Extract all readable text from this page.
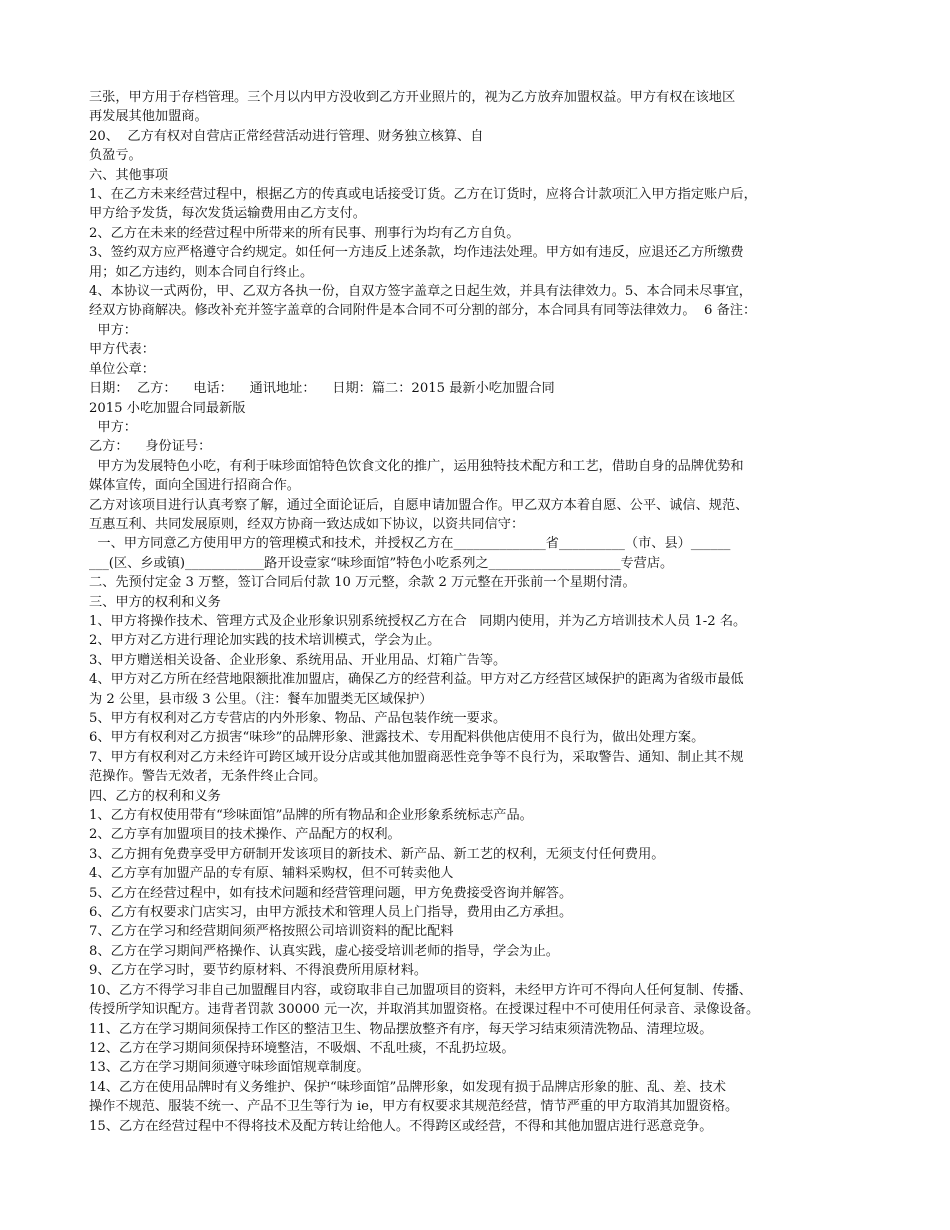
三张，甲方用于存档管理。三个月以内甲方没收到乙方开业照片的，视为乙方放弃加盟权益。甲方有权在该地区
再发展其他加盟商。
20、  乙方有权对自营店正常经营活动进行管理、财务独立核算、自
负盈亏。
六、其他事项
1、在乙方未来经营过程中，根据乙方的传真或电话接受订货。乙方在订货时，应将合计款项汇入甲方指定账户后，
甲方给予发货，每次发货运输费用由乙方支付。
2、乙方在未来的经营过程中所带来的所有民事、刑事行为均有乙方自负。
3、签约双方应严格遵守合约规定。如任何一方违反上述条款，均作违法处理。甲方如有违反，应退还乙方所缴费
用；如乙方违约，则本合同自行终止。
4、本协议一式两份，甲、乙双方各执一份，自双方签字盖章之日起生效，并具有法律效力。5、本合同未尽事宜，
经双方协商解决。修改补充并签字盖章的合同附件是本合同不可分割的部分，本合同具有同等法律效力。  6 备注：
甲方：
甲方代表：
单位公章：
日期：  乙方：    电话：    通讯地址：    日期：篇二：2015 最新小吃加盟合同
2015 小吃加盟合同最新版
甲方：
乙方：    身份证号：
甲方为发展特色小吃，有利于味珍面馆特色饮食文化的推广，运用独特技术配方和工艺，借助自身的品牌优势和
媒体宣传，面向全国进行招商合作。
乙方对该项目进行认真考察了解，通过全面论证后，自愿申请加盟合作。甲乙双方本着自愿、公平、诚信、规范、
互惠互利、共同发展原则，经双方协商一致达成如下协议，以资共同信守：
一、甲方同意乙方使用甲方的管理模式和技术，并授权乙方在______________省__________（市、县）______
___(区、乡或镇)____________路开设壹家“味珍面馆”特色小吃系列之____________________专营店。
二、先预付定金 3 万整，签订合同后付款 10 万元整，余款 2 万元整在开张前一个星期付清。
三、甲方的权利和义务
1、甲方将操作技术、管理方式及企业形象识别系统授权乙方在合   同期内使用，并为乙方培训技术人员 1-2 名。
2、甲方对乙方进行理论加实践的技术培训模式，学会为止。
3、甲方赠送相关设备、企业形象、系统用品、开业用品、灯箱广告等。
4、甲方对乙方所在经营地限额批准加盟店，确保乙方的经营利益。甲方对乙方经营区域保护的距离为省级市最低
为 2 公里，县市级 3 公里。（注：餐车加盟类无区域保护）
5、甲方有权利对乙方专营店的内外形象、物品、产品包装作统一要求。
6、甲方有权利对乙方损害“味珍”的品牌形象、泄露技术、专用配料供他店使用不良行为，做出处理方案。
7、甲方有权利对乙方未经许可跨区域开设分店或其他加盟商恶性竞争等不良行为，采取警告、通知、制止其不规
范操作。警告无效者，无条件终止合同。
四、乙方的权利和义务
1、乙方有权使用带有“珍味面馆”品牌的所有物品和企业形象系统标志产品。
2、乙方享有加盟项目的技术操作、产品配方的权利。
3、乙方拥有免费享受甲方研制开发该项目的新技术、新产品、新工艺的权利，无须支付任何费用。
4、乙方享有加盟产品的专有原、辅料采购权，但不可转卖他人
5、乙方在经营过程中，如有技术问题和经营管理问题，甲方免费接受咨询并解答。
6、乙方有权要求门店实习，由甲方派技术和管理人员上门指导，费用由乙方承担。
7、乙方在学习和经营期间须严格按照公司培训资料的配比配料
8、乙方在学习期间严格操作、认真实践，虚心接受培训老师的指导，学会为止。
9、乙方在学习时，要节约原材料、不得浪费所用原材料。
10、乙方不得学习非自己加盟醒目内容，或窃取非自己加盟项目的资料，未经甲方许可不得向人任何复制、传播、
传授所学知识配方。违背者罚款 30000 元一次，并取消其加盟资格。在授课过程中不可使用任何录音、录像设备。
11、乙方在学习期间须保持工作区的整洁卫生、物品摆放整齐有序，每天学习结束须清洗物品、清理垃圾。
12、乙方在学习期间须保持环境整洁，不吸烟、不乱吐痰，不乱扔垃圾。
13、乙方在学习期间须遵守味珍面馆规章制度。
14、乙方在使用品牌时有义务维护、保护“味珍面馆”品牌形象，如发现有损于品牌店形象的脏、乱、差、技术
操作不规范、服装不统一、产品不卫生等行为 ie，甲方有权要求其规范经营，情节严重的甲方取消其加盟资格。
15、乙方在经营过程中不得将技术及配方转让给他人。不得跨区或经营，不得和其他加盟店进行恶意竞争。
